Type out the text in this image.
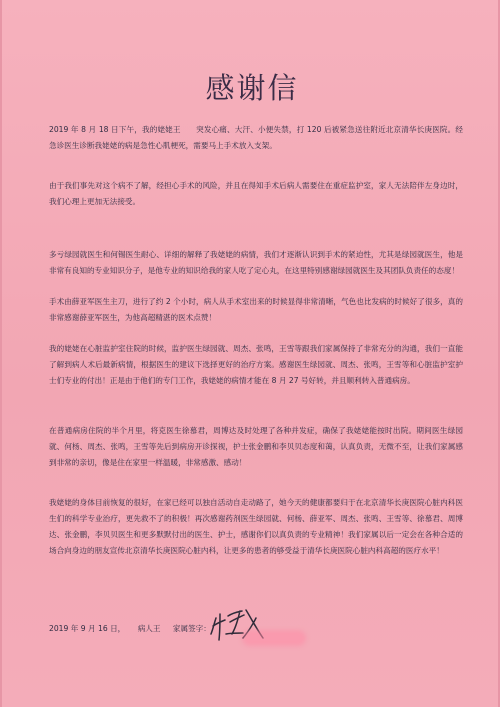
感谢信

2019 年 8 月 18 日下午，我的姥姥王　　突发心痛、大汗、小便失禁，打 120 后被紧急送往附近北京清华长庚医院。经急诊医生诊断我姥姥的病是急性心肌梗死，需要马上手术放入支架。

由于我们事先对这个病不了解，经担心手术的风险，并且在得知手术后病人需要住在重症监护室，家人无法陪伴左身边时，我们心理上更加无法接受。

多亏绿园就医生和何锡医生耐心、详细的解释了我姥姥的病情，我们才逐渐认识到手术的紧迫性，尤其是绿园就医生，他是非常有良知的专业知识分子，是他专业的知识给我的家人吃了定心丸，在这里特别感谢绿园就医生及其团队负责任的态度！

手术由薛亚军医生主刀，进行了约 2 个小时，病人从手术室出来的时候显得非常清晰，气色也比发病的时候好了很多，真的非常感谢薛亚军医生，为他高超精湛的医术点赞！

我的姥姥在心脏监护室住院的时候，监护医生绿园就、周杰、张鸣，王雪等跟我们家属保持了非常充分的沟通，我们一直能了解到病人术后最新病情，根据医生的建议下选择更好的治疗方案。感谢医生绿园就、周杰、张鸣，王雪等和心脏监护室护士们专业的付出！正是由于他们的专门工作，我姥姥的病情才能在 8 月 27 号好转，并且顺利转入普通病房。

在普通病房住院的半个月里，将克医生徐慕君，周博达及时处理了各种并发症，确保了我姥姥能按时出院。期间医生绿园就、何杨、周杰、张鸣，王雪等先后到病房开诊探视，护士张金鹏和李贝贝态度和蔼，认真负责，无微不至，让我们家属感到非常的亲切，像是住在家里一样温暖，非常感激、感动！

我姥姥的身体目前恢复的很好，在家已经可以独自活动自走动路了，她今天的健康都要归于在北京清华长庚医院心脏内科医生们的科学专业治疗，更先救不了的积极！再次感谢药剂医生绿园就、何杨、薛亚军、周杰、张鸣、王雪等、徐慕君、周博达、张金鹏，李贝贝医生和更多默默付出的医生、护士，感谢你们以真负责的专业精神！我们家属以后一定会在各种合适的场合向身边的朋友宣传北京清华长庚医院心脏内科，让更多的患者的够受益于清华长庚医院心脏内科高超的医疗水平！

2019 年 9 月 16 日， 病人王 家属签字：
